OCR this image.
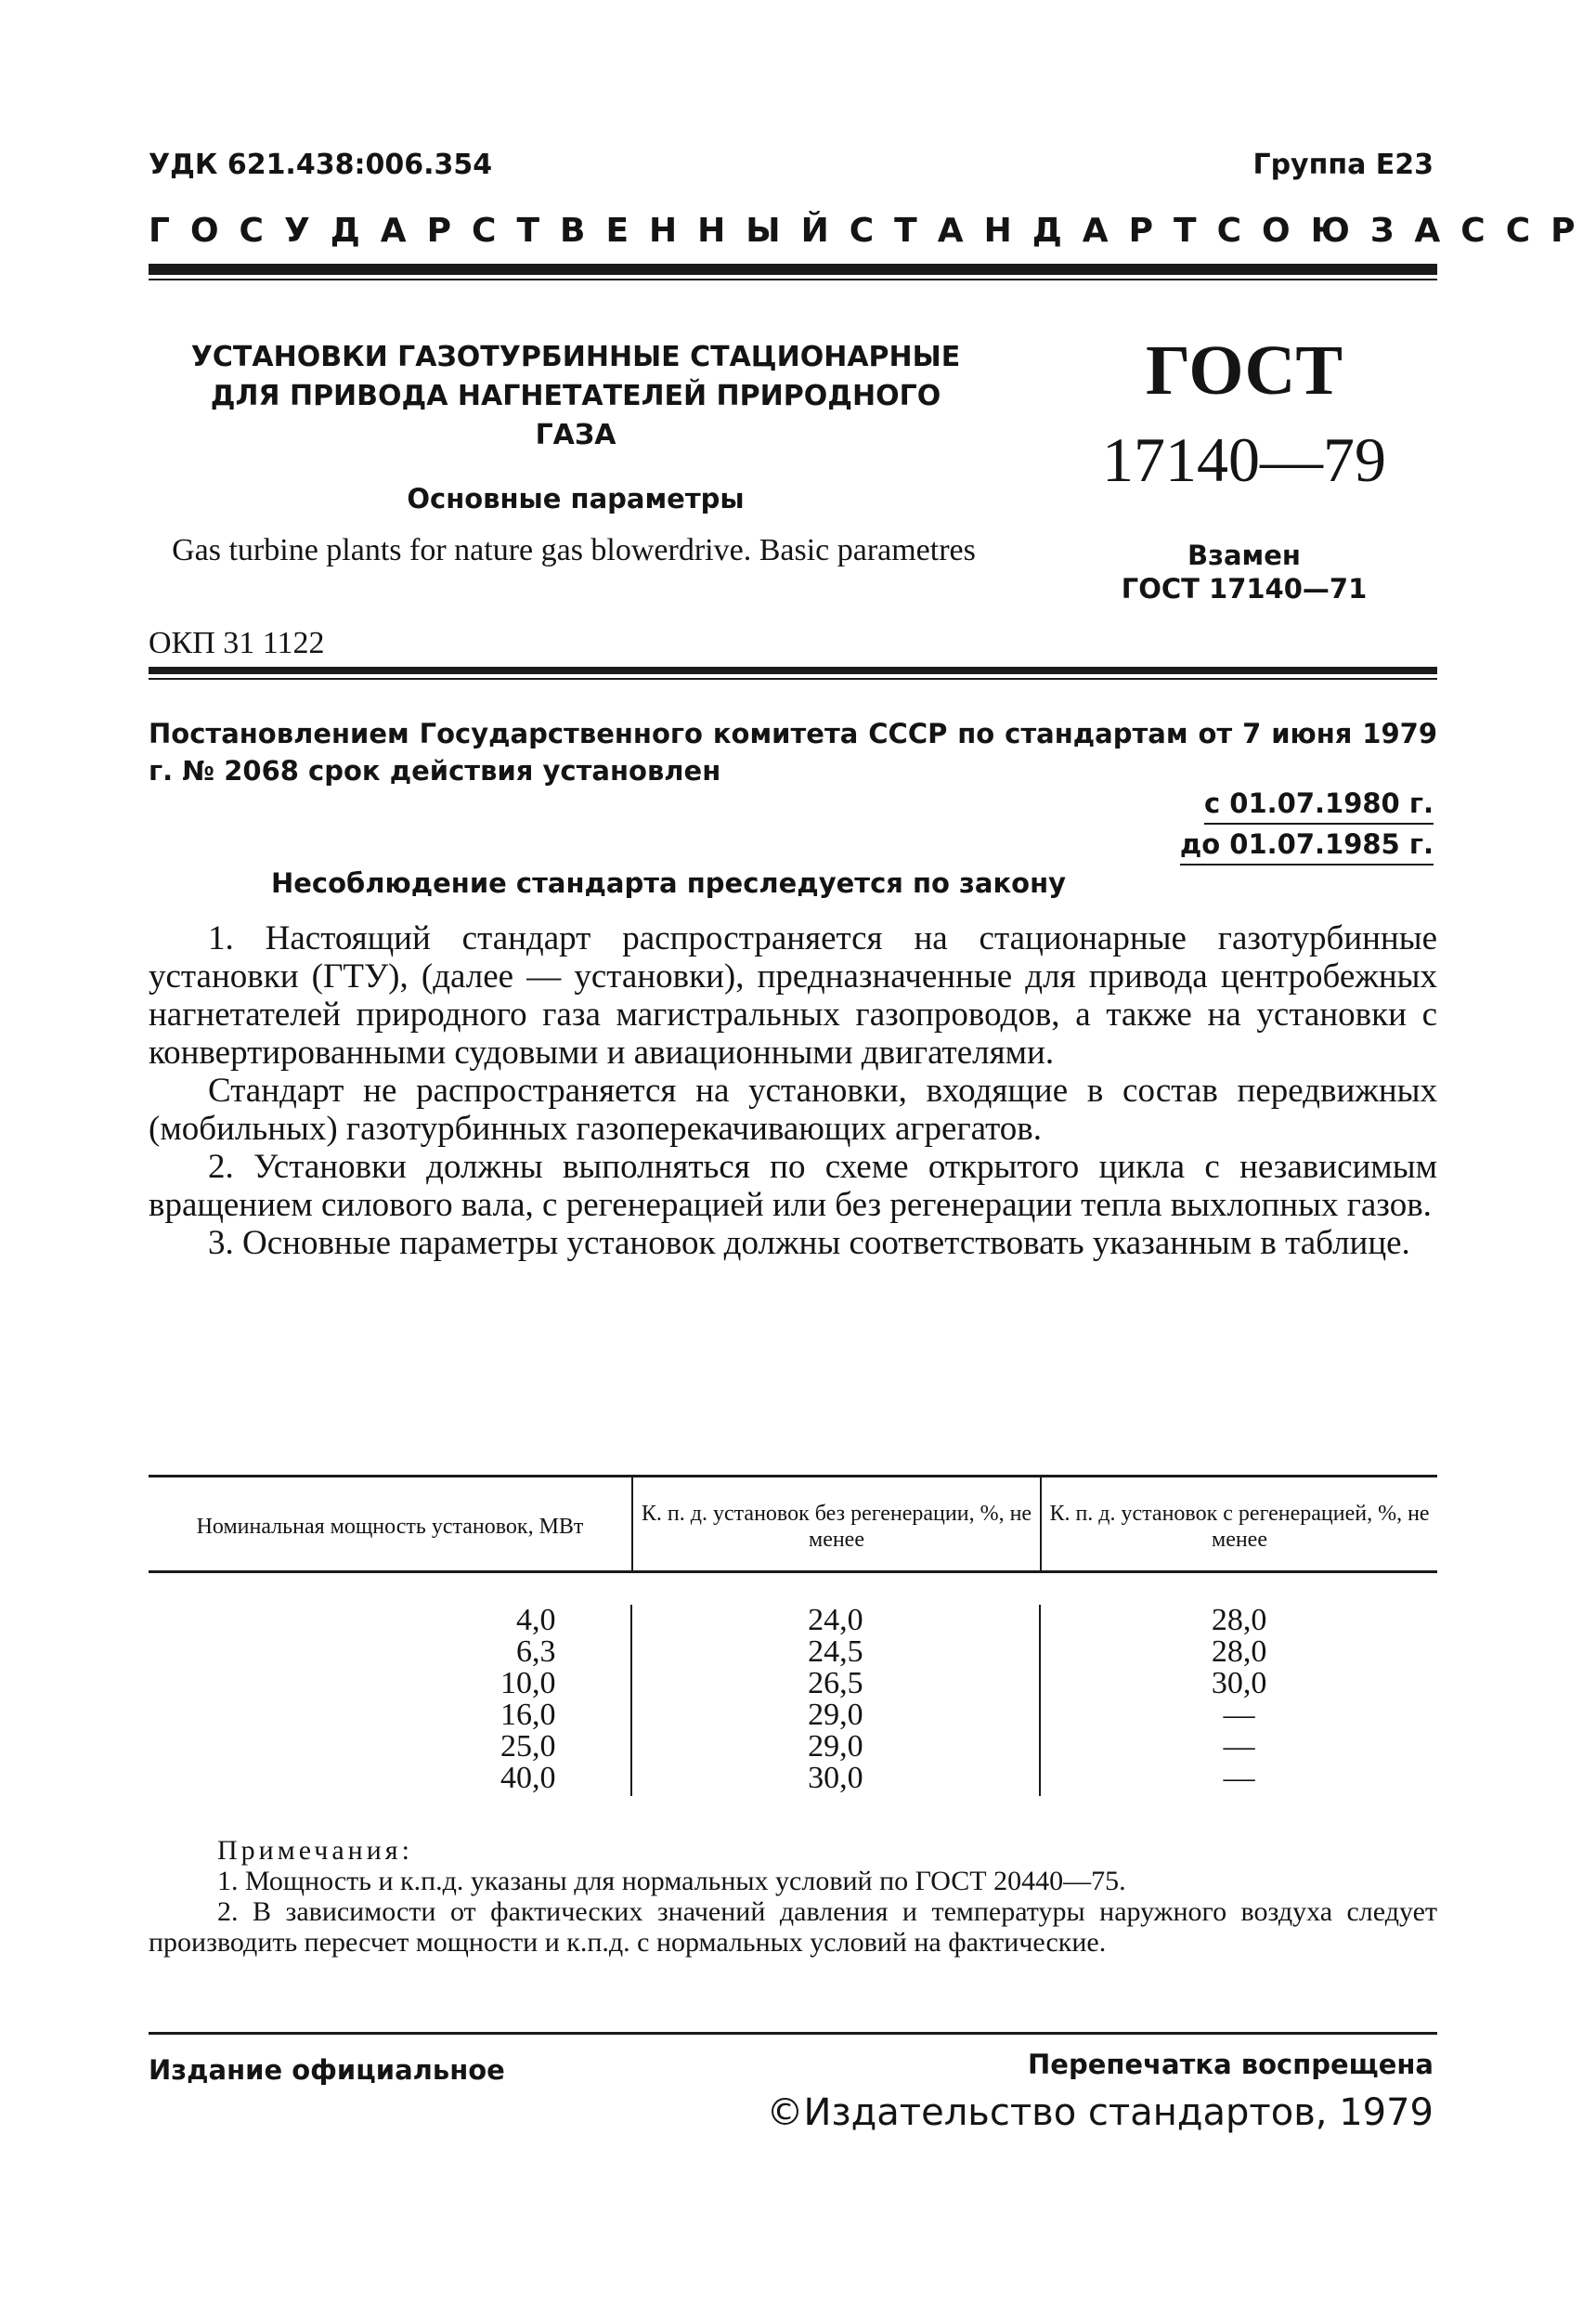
УДК 621.438:006.354	Группа Е23
ГОСУДАРСТВЕННЫЙ СТАНДАРТ СОЮЗА ССР
УСТАНОВКИ ГАЗОТУРБИННЫЕ СТАЦИОНАРНЫЕ
ДЛЯ ПРИВОДА НАГНЕТАТЕЛЕЙ ПРИРОДНОГО
ГАЗА
Основные параметры
Gas turbine plants for nature gas blowerdrive. Basic parametres
ОКП 31 1122
ГОСТ
17140—79
Взамен
ГОСТ 17140—71
Постановлением Государственного комитета СССР по стандартам от 7 июня 1979 г. № 2068 срок действия установлен
с 01.07.1980 г.
до 01.07.1985 г.
Несоблюдение стандарта преследуется по закону

1. Настоящий стандарт распространяется на стационарные газотурбинные установки (ГТУ), (далее — установки), предназначенные для привода центробежных нагнетателей природного газа магистральных газопроводов, а также на установки с конвертированными судовыми и авиационными двигателями.

Стандарт не распространяется на установки, входящие в состав передвижных (мобильных) газотурбинных газоперекачивающих агрегатов.

2. Установки должны выполняться по схеме открытого цикла с независимым вращением силового вала, с регенерацией или без регенерации тепла выхлопных газов.

3. Основные параметры установок должны соответствовать указанным в таблице.

Номинальная мощность установок, МВт
К. п. д. установок без регенерации, %, не менее
К. п. д. установок с регенерацией, %, не менее
4,0
6,3
10,0
16,0
25,0
40,0
24,0
24,5
26,5
29,0
29,0
30,0
28,0
28,0
30,0
—
—
—
Примечания:

1. Мощность и к.п.д. указаны для нормальных условий по ГОСТ 20440—75.

2. В зависимости от фактических значений давления и температуры наружного воздуха следует производить пересчет мощности и к.п.д. с нормальных условий на фактические.

Издание официальное	Перепечатка воспрещена
©Издательство стандартов, 1979
